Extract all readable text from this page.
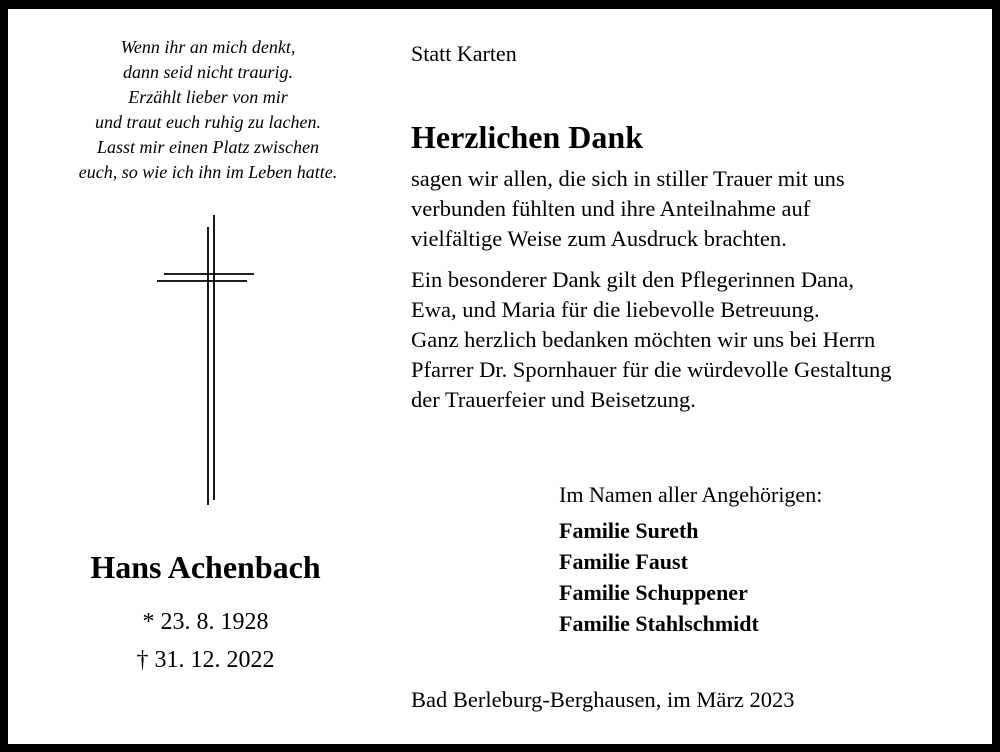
Wenn ihr an mich denkt,
dann seid nicht traurig.
Erzählt lieber von mir
und traut euch ruhig zu lachen.
Lasst mir einen Platz zwischen
euch, so wie ich ihn im Leben hatte.
Hans Achenbach
* 23. 8. 1928
† 31. 12. 2022
Statt Karten
Herzlichen Dank
sagen wir allen, die sich in stiller Trauer mit uns
verbunden fühlten und ihre Anteilnahme auf
vielfältige Weise zum Ausdruck brachten.
Ein besonderer Dank gilt den Pflegerinnen Dana,
Ewa, und Maria für die liebevolle Betreuung.
Ganz herzlich bedanken möchten wir uns bei Herrn
Pfarrer Dr. Spornhauer für die würdevolle Gestaltung
der Trauerfeier und Beisetzung.
Im Namen aller Angehörigen:
Familie Sureth
Familie Faust
Familie Schuppener
Familie Stahlschmidt
Bad Berleburg-Berghausen, im März 2023
